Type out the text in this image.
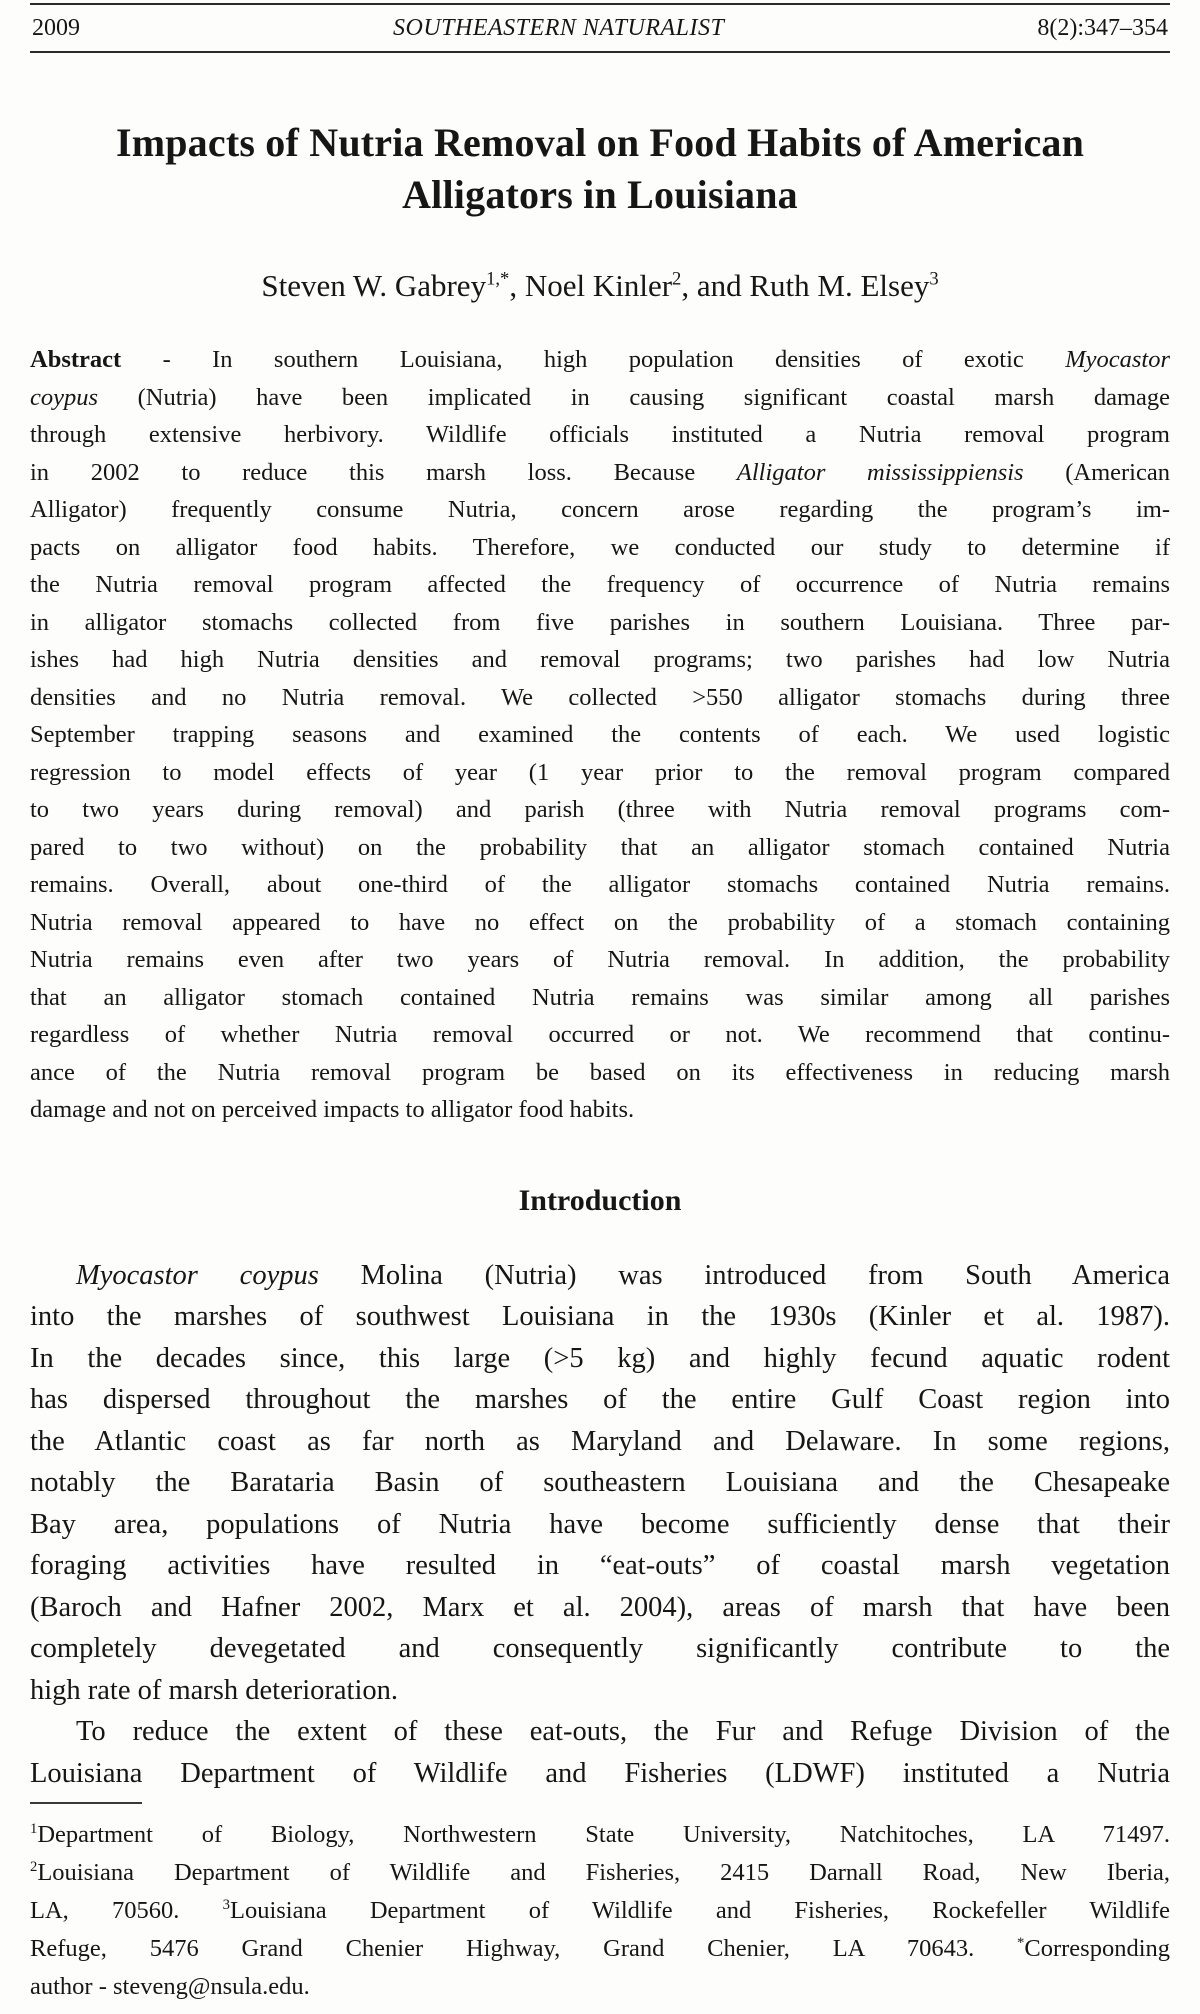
2009	SOUTHEASTERN NATURALIST	8(2):347–354
Impacts of Nutria Removal on Food Habits of American
Alligators in Louisiana
Steven W. Gabrey$^{1,*}$, Noel Kinler$^2$, and Ruth M. Elsey$^3$
Abstract - In southern Louisiana, high population densities of exotic Myocastor
coypus (Nutria) have been implicated in causing significant coastal marsh damage
through extensive herbivory. Wildlife officials instituted a Nutria removal program
in 2002 to reduce this marsh loss. Because Alligator mississippiensis (American
Alligator) frequently consume Nutria, concern arose regarding the program’s im-
pacts on alligator food habits. Therefore, we conducted our study to determine if
the Nutria removal program affected the frequency of occurrence of Nutria remains
in alligator stomachs collected from five parishes in southern Louisiana. Three par-
ishes had high Nutria densities and removal programs; two parishes had low Nutria
densities and no Nutria removal. We collected >550 alligator stomachs during three
September trapping seasons and examined the contents of each. We used logistic
regression to model effects of year (1 year prior to the removal program compared
to two years during removal) and parish (three with Nutria removal programs com-
pared to two without) on the probability that an alligator stomach contained Nutria
remains. Overall, about one-third of the alligator stomachs contained Nutria remains.
Nutria removal appeared to have no effect on the probability of a stomach containing
Nutria remains even after two years of Nutria removal. In addition, the probability
that an alligator stomach contained Nutria remains was similar among all parishes
regardless of whether Nutria removal occurred or not. We recommend that continu-
ance of the Nutria removal program be based on its effectiveness in reducing marsh
damage and not on perceived impacts to alligator food habits.
Introduction
Myocastor coypus Molina (Nutria) was introduced from South America
into the marshes of southwest Louisiana in the 1930s (Kinler et al. 1987).
In the decades since, this large (>5 kg) and highly fecund aquatic rodent
has dispersed throughout the marshes of the entire Gulf Coast region into
the Atlantic coast as far north as Maryland and Delaware. In some regions,
notably the Barataria Basin of southeastern Louisiana and the Chesapeake
Bay area, populations of Nutria have become sufficiently dense that their
foraging activities have resulted in “eat-outs” of coastal marsh vegetation
(Baroch and Hafner 2002, Marx et al. 2004), areas of marsh that have been
completely devegetated and consequently significantly contribute to the
high rate of marsh deterioration.
To reduce the extent of these eat-outs, the Fur and Refuge Division of the
Louisiana Department of Wildlife and Fisheries (LDWF) instituted a Nutria
$^1$Department of Biology, Northwestern State University, Natchitoches, LA 71497.
$^2$Louisiana Department of Wildlife and Fisheries, 2415 Darnall Road, New Iberia,
LA, 70560. $^3$Louisiana Department of Wildlife and Fisheries, Rockefeller Wildlife
Refuge, 5476 Grand Chenier Highway, Grand Chenier, LA 70643. *Corresponding
author - steveng@nsula.edu.
